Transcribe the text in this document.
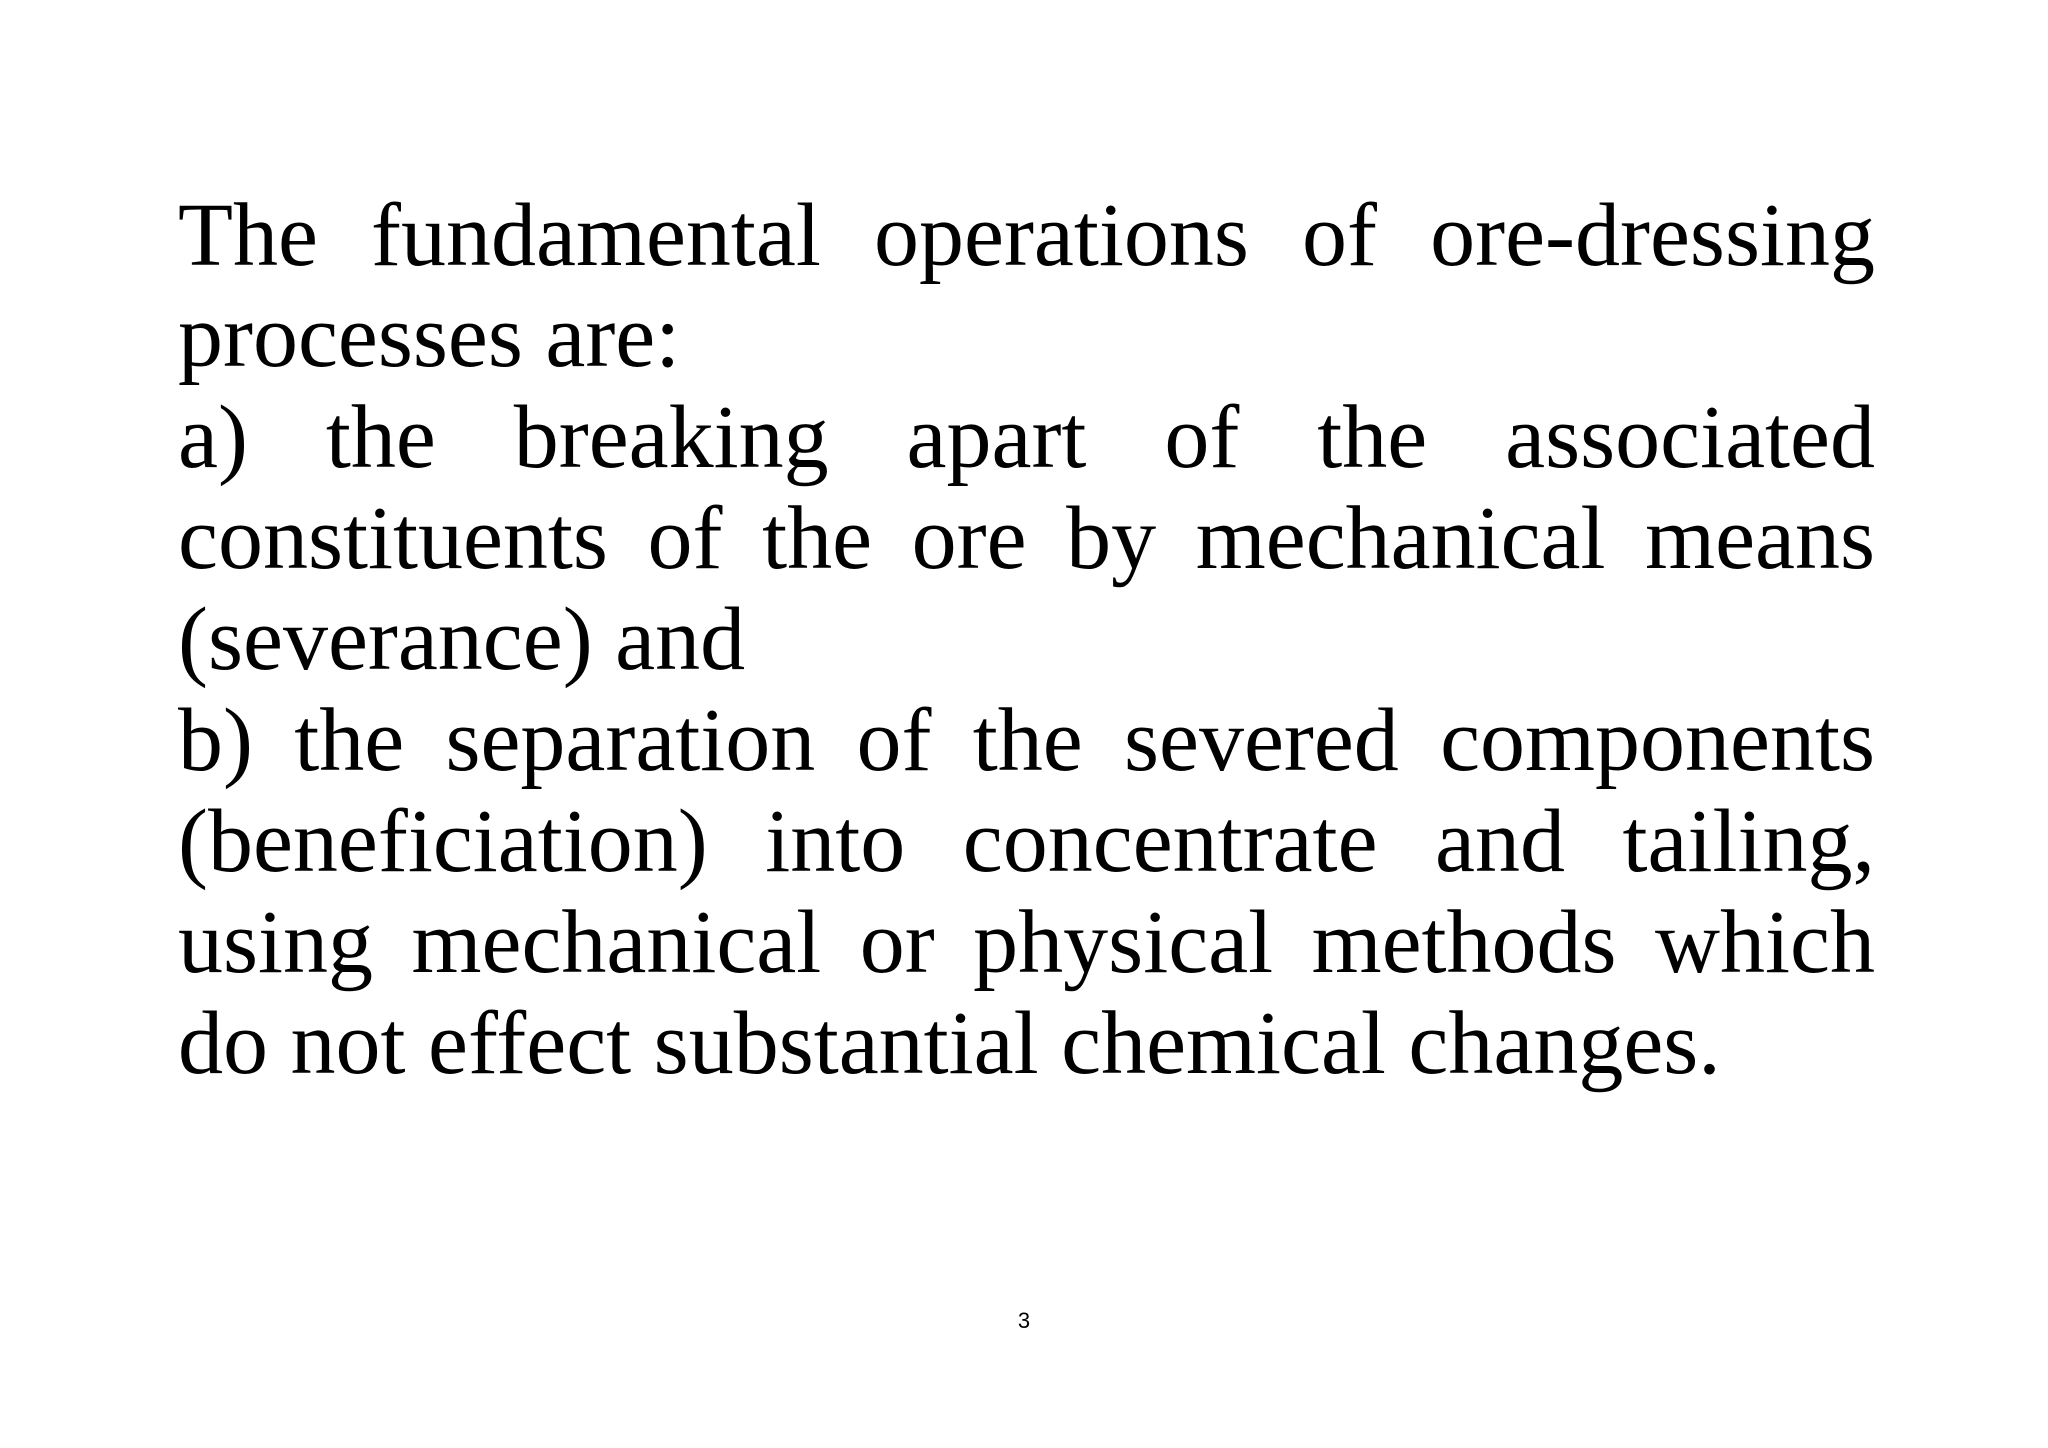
The fundamental operations of ore-dressing processes are:

a) the breaking apart of the associated constituents of the ore by mechanical means (severance) and

b) the separation of the severed components (beneficiation) into concentrate and tailing, using mechanical or physical methods which do not effect substantial chemical changes.

3
